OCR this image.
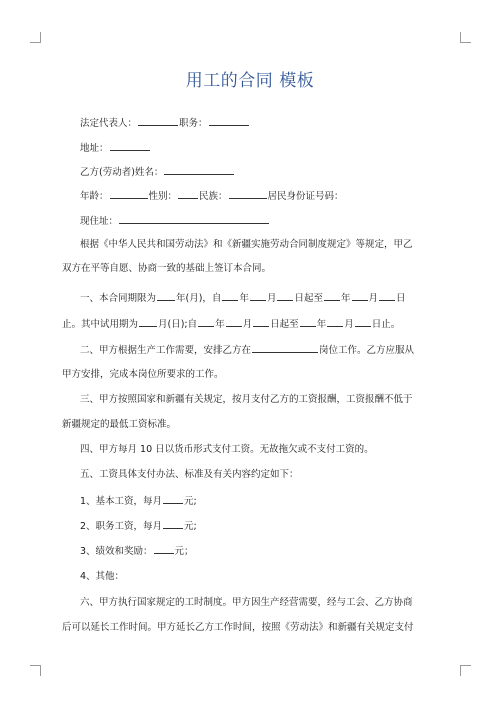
用工的合同 模板
法定代表人：	职务：
地址：
乙方(劳动者)姓名：
年龄：	性别： 民族：	居民身份证号码：
现住址：
根据《中华人民共和国劳动法》和《新疆实施劳动合同制度规定》等规定，甲乙
双方在平等自愿、协商一致的基础上签订本合同。
一、本合同期限为 年(月)，自 年 月 日起至 年 月 日
止。其中试用期为 月(日);自 年 月 日起至 年 月 日止。
二、甲方根据生产工作需要，安排乙方在	岗位工作。乙方应服从
甲方安排，完成本岗位所要求的工作。
三、甲方按照国家和新疆有关规定，按月支付乙方的工资报酬，工资报酬不低于
新疆规定的最低工资标准。
四、甲方每月 10 日以货币形式支付工资。无故拖欠或不支付工资的。
五、工资具体支付办法、标准及有关内容约定如下：
1、基本工资，每月 元;
2、职务工资，每月 元;
3、绩效和奖励： 元；
4、其他：
六、甲方执行国家规定的工时制度。甲方因生产经营需要，经与工会、乙方协商
后可以延长工作时间。甲方延长乙方工作时间，按照《劳动法》和新疆有关规定支付
